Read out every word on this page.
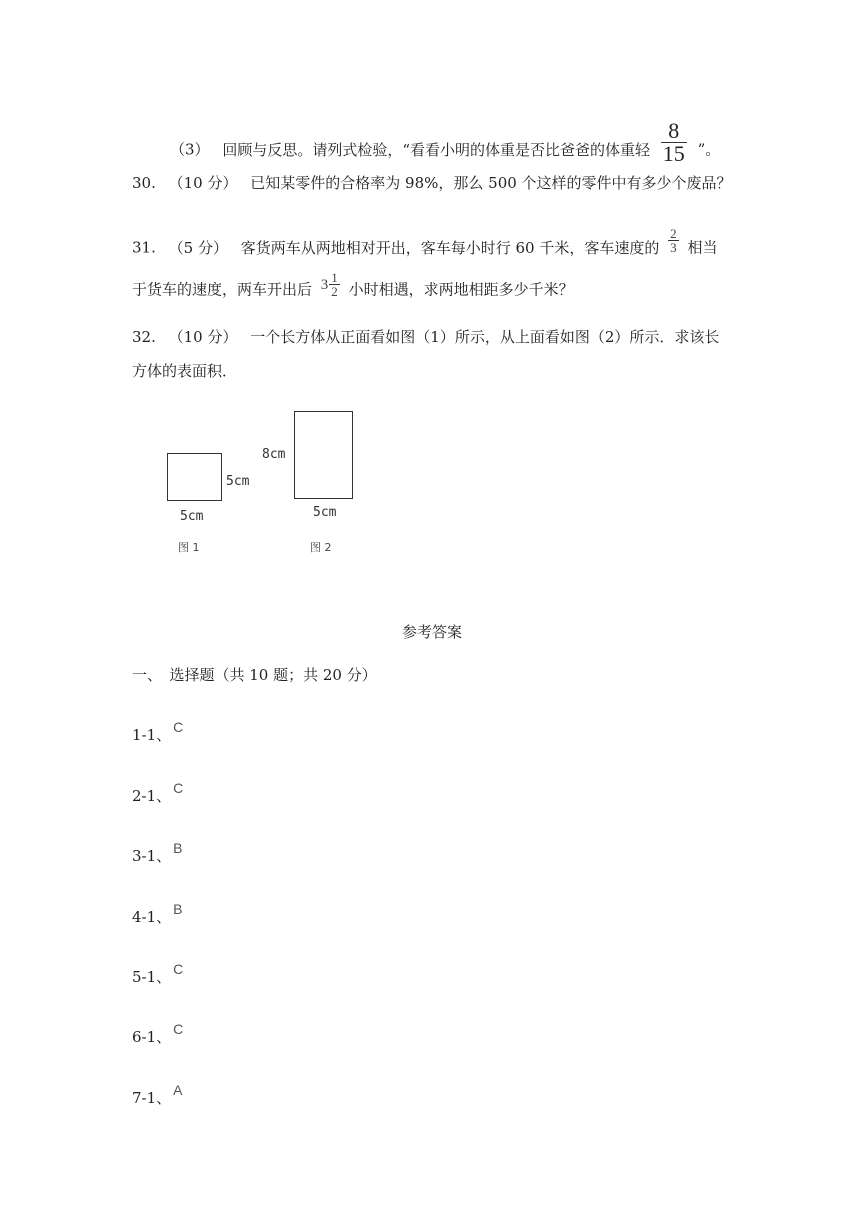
（3） 回顾与反思。请列式检验，“看看小明的体重是否比爸爸的体重轻 $\frac{8}{15}$ ”。
30. （10 分） 已知某零件的合格率为 98%，那么 500 个这样的零件中有多少个废品？
31. （5 分） 客货两车从两地相对开出，客车每小时行 60 千米，客车速度的 $\frac{2}{3}$ 相当
于货车的速度，两车开出后 $3 \frac{1}{2}$ 小时相遇，求两地相距多少千米？
32. （10 分） 一个长方体从正面看如图（1）所示，从上面看如图（2）所示．求该长
方体的表面积．
5cm
5cm
图 1
8cm
5cm
图 2
参考答案
一、　选择题（共 10 题；共 20 分）
1-1、 C
2-1、 C
3-1、 B
4-1、 B
5-1、 C
6-1、 C
7-1、 A
